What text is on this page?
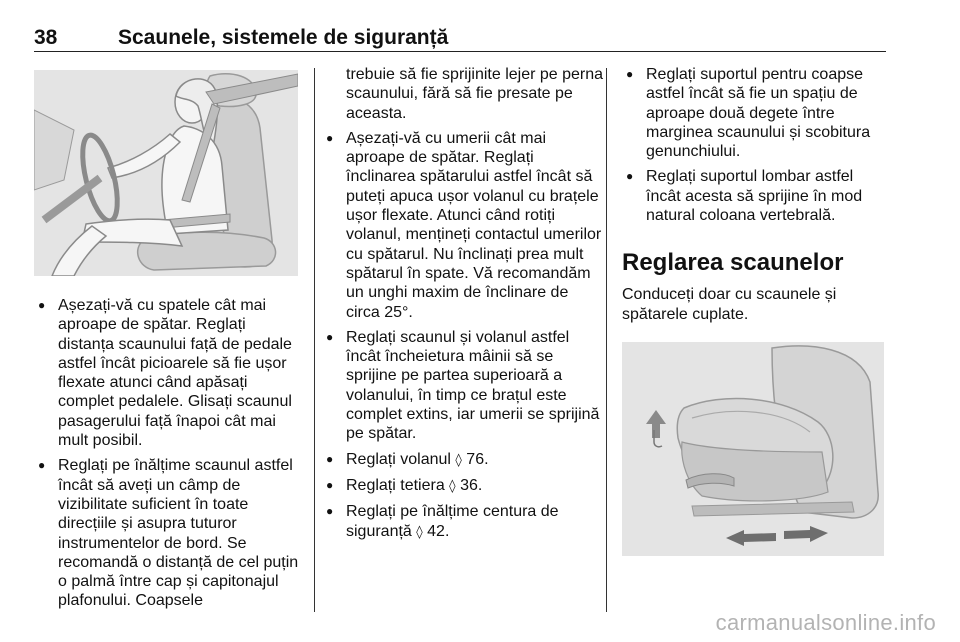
38	Scaunele, sistemele de siguranță
● Așezați-vă cu spatele cât mai aproape de spătar. Reglați distanța scaunului față de pedale astfel încât picioarele să fie ușor flexate atunci când apăsați complet pedalele. Glisați scaunul pasagerului față înapoi cât mai mult posibil.
● Reglați pe înălțime scaunul astfel încât să aveți un câmp de vizibilitate suficient în toate direcțiile și asupra tuturor instrumentelor de bord. Se recomandă o distanță de cel puțin o palmă între cap și capitonajul plafonului. Coapsele
trebuie să fie sprijinite lejer pe perna scaunului, fără să fie presate pe aceasta.
● Așezați-vă cu umerii cât mai aproape de spătar. Reglați înclinarea spătarului astfel încât să puteți apuca ușor volanul cu brațele ușor flexate. Atunci când rotiți volanul, mențineți contactul umerilor cu spătarul. Nu înclinați prea mult spătarul în spate. Vă recomandăm un unghi maxim de înclinare de circa 25°.
● Reglați scaunul și volanul astfel încât încheietura mâinii să se sprijine pe partea superioară a volanului, în timp ce brațul este complet extins, iar umerii se sprijină pe spătar.
● Reglați volanul ◊ 76.
● Reglați tetiera ◊ 36.
● Reglați pe înălțime centura de siguranță ◊ 42.
● Reglați suportul pentru coapse astfel încât să fie un spațiu de aproape două degete între marginea scaunului și scobitura genunchiului.
● Reglați suportul lombar astfel încât acesta să sprijine în mod natural coloana vertebrală.
Reglarea scaunelor

Conduceți doar cu scaunele și spătarele cuplate.

carmanualsonline.info
